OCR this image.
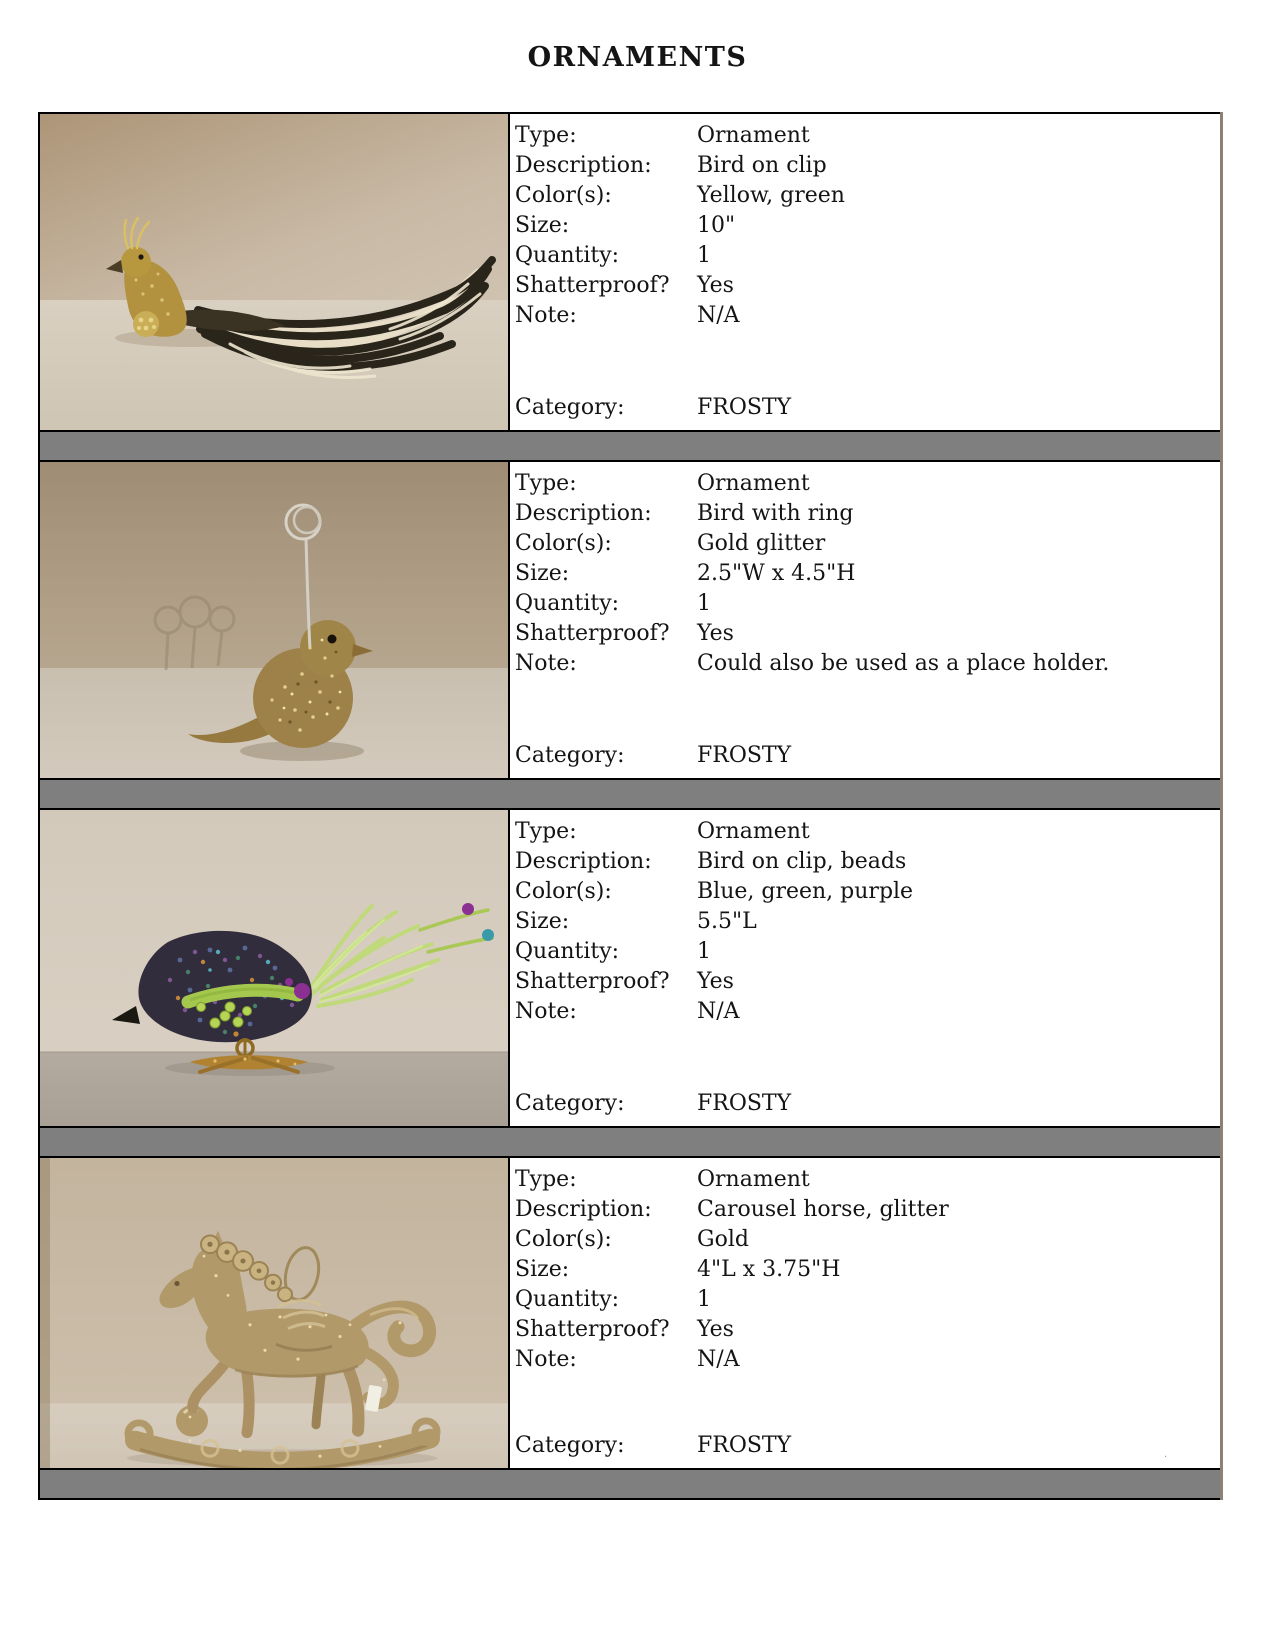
ORNAMENTS
Type:	Ornament
Description:	Bird on clip
Color(s):	Yellow, green
Size:	10"
Quantity:	1
Shatterproof?	Yes
Note:	N/A
Category:	FROSTY
Type:	Ornament
Description:	Bird with ring
Color(s):	Gold glitter
Size:	2.5"W x 4.5"H
Quantity:	1
Shatterproof?	Yes
Note:	Could also be used as a place holder.
Category:	FROSTY
Type:	Ornament
Description:	Bird on clip, beads
Color(s):	Blue, green, purple
Size:	5.5"L
Quantity:	1
Shatterproof?	Yes
Note:	N/A
Category:	FROSTY
Type:	Ornament
Description:	Carousel horse, glitter
Color(s):	Gold
Size:	4"L x 3.75"H
Quantity:	1
Shatterproof?	Yes
Note:	N/A
Category:	FROSTY	.
